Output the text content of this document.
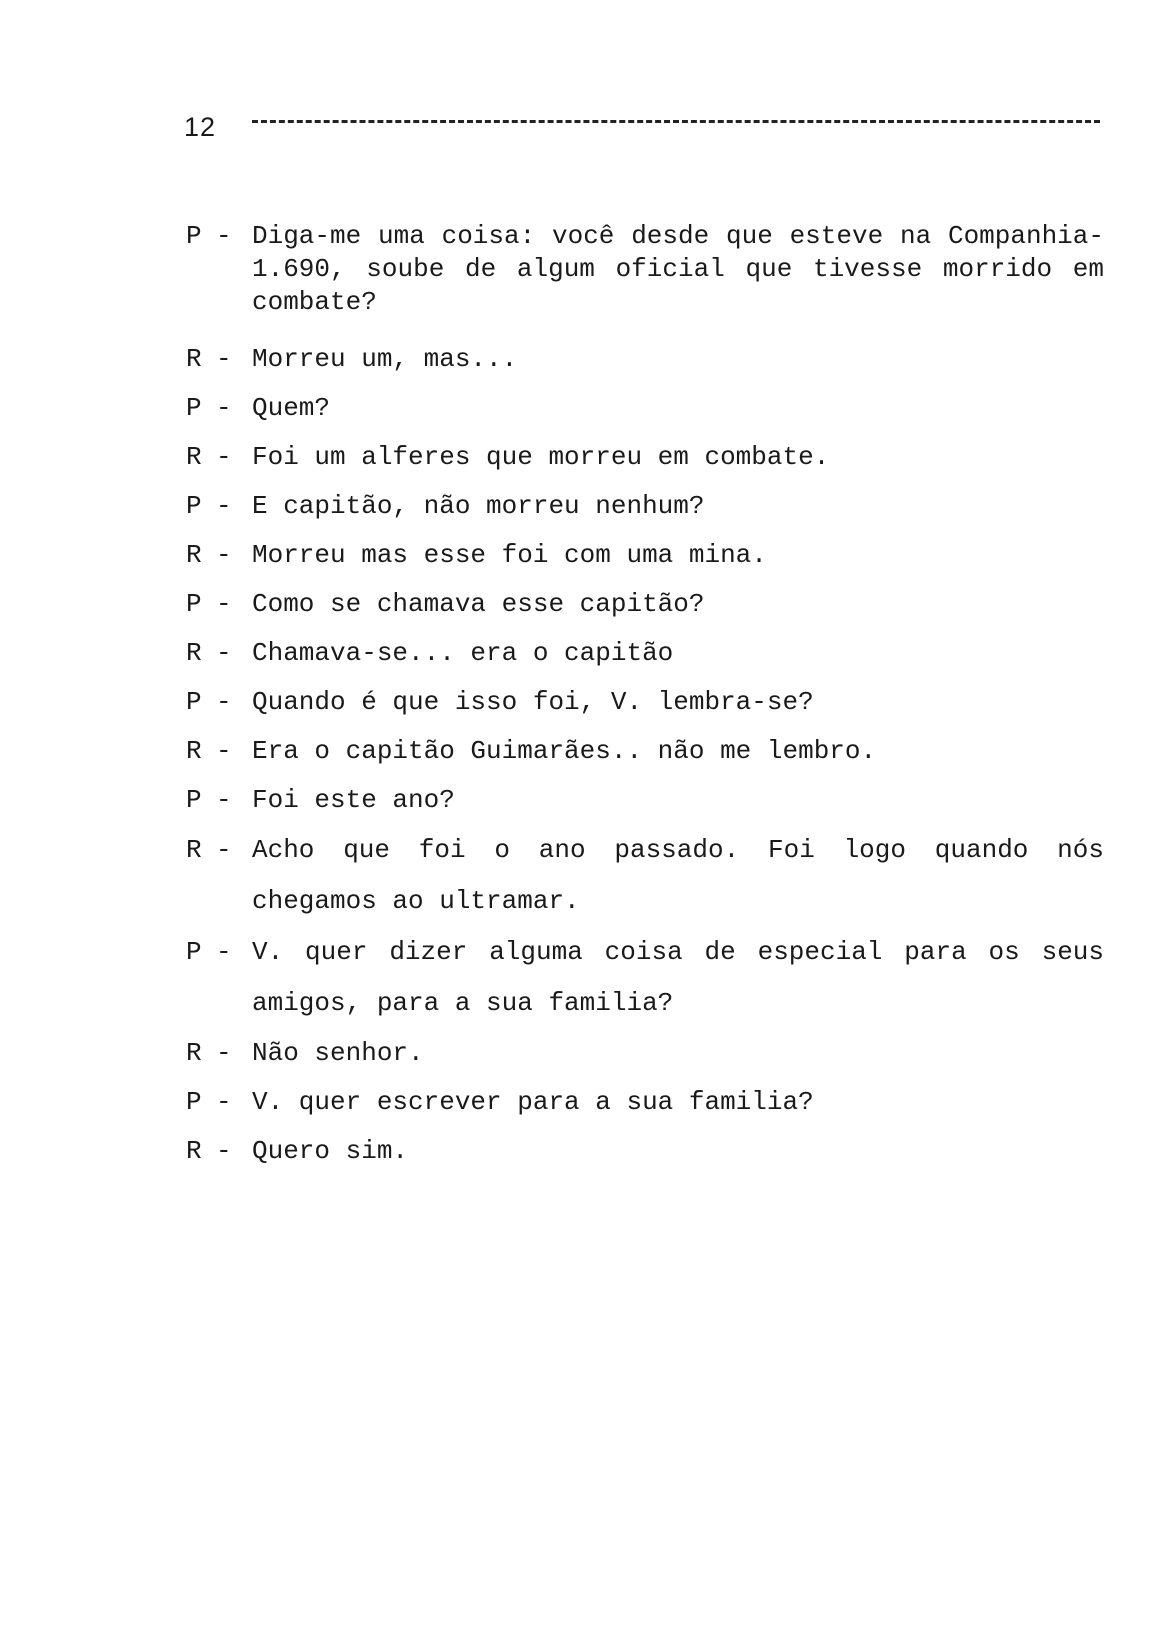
12
P - Diga-me uma coisa: você desde que esteve na Companhia-1.690, soube de algum oficial que tivesse morrido em combate?
R - Morreu um, mas...
P - Quem?
R - Foi um alferes que morreu em combate.
P - E capitão, não morreu nenhum?
R - Morreu mas esse foi com uma mina.
P - Como se chamava esse capitão?
R - Chamava-se... era o capitão
P - Quando é que isso foi, V. lembra-se?
R - Era o capitão Guimarães.. não me lembro.
P - Foi este ano?
R - Acho que foi o ano passado. Foi logo quando nós chegamos ao ultramar.
P - V. quer dizer alguma coisa de especial para os seus amigos, para a sua familia?
R - Não senhor.
P - V. quer escrever para a sua familia?
R - Quero sim.
